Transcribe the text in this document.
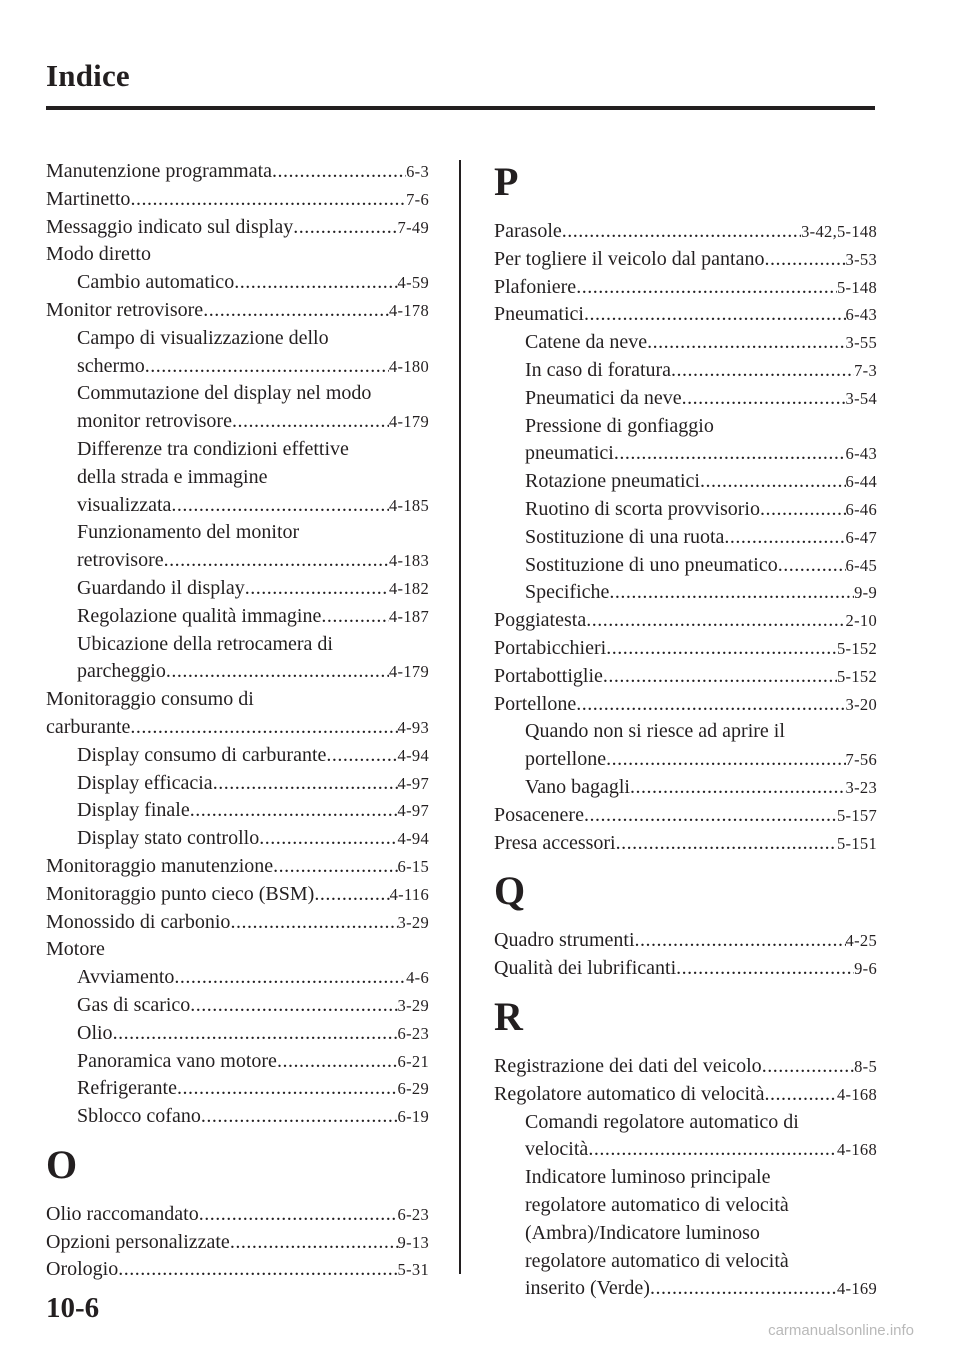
Indice
Manutenzione programmata .....	6-3
Martinetto .....	7-6
Messaggio indicato sul display .....	7-49
Modo diretto
Cambio automatico .....	4-59
Monitor retrovisore .....	4-178
Campo di visualizzazione dello
schermo .....	4-180
Commutazione del display nel modo
monitor retrovisore .....	4-179
Differenze tra condizioni effettive
della strada e immagine
visualizzata .....	4-185
Funzionamento del monitor
retrovisore .....	4-183
Guardando il display .....	4-182
Regolazione qualità immagine .....	4-187
Ubicazione della retrocamera di
parcheggio .....	4-179
Monitoraggio consumo di
carburante .....	4-93
Display consumo di carburante .....	4-94
Display efficacia .....	4-97
Display finale .....	4-97
Display stato controllo .....	4-94
Monitoraggio manutenzione .....	6-15
Monitoraggio punto cieco (BSM) .....	4-116
Monossido di carbonio .....	3-29
Motore
Avviamento .....	4-6
Gas di scarico .....	3-29
Olio .....	6-23
Panoramica vano motore .....	6-21
Refrigerante .....	6-29
Sblocco cofano .....	6-19
O
Olio raccomandato .....	6-23
Opzioni personalizzate .....	9-13
Orologio .....	5-31
P
Parasole .....	3-42,5-148
Per togliere il veicolo dal pantano .....	3-53
Plafoniere .....	5-148
Pneumatici .....	6-43
Catene da neve .....	3-55
In caso di foratura .....	7-3
Pneumatici da neve .....	3-54
Pressione di gonfiaggio
pneumatici .....	6-43
Rotazione pneumatici .....	6-44
Ruotino di scorta provvisorio .....	6-46
Sostituzione di una ruota .....	6-47
Sostituzione di uno pneumatico .....	6-45
Specifiche .....	9-9
Poggiatesta .....	2-10
Portabicchieri .....	5-152
Portabottiglie .....	5-152
Portellone .....	3-20
Quando non si riesce ad aprire il
portellone .....	7-56
Vano bagagli .....	3-23
Posacenere .....	5-157
Presa accessori .....	5-151
Q
Quadro strumenti .....	4-25
Qualità dei lubrificanti .....	9-6
R
Registrazione dei dati del veicolo .....	8-5
Regolatore automatico di velocità .....	4-168
Comandi regolatore automatico di
velocità .....	4-168
Indicatore luminoso principale
regolatore automatico di velocità
(Ambra)/Indicatore luminoso
regolatore automatico di velocità
inserito (Verde) .....	4-169
10-6
carmanualsonline.info
